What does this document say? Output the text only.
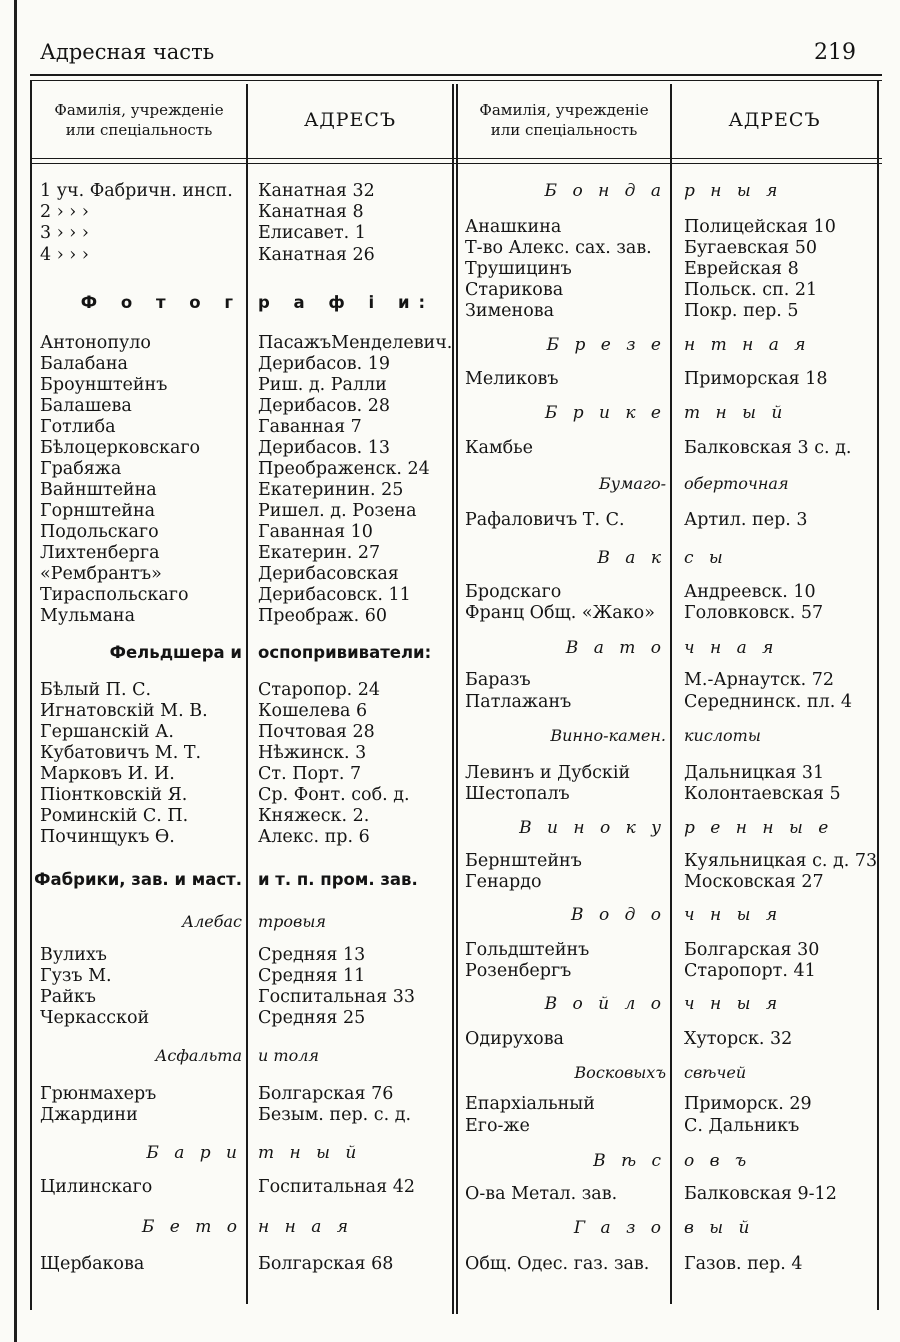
Адресная часть	219
Фамилія, учрежденіе
или спеціальность	АДРЕСЪ	Фамилія, учрежденіе
или спеціальность	АДРЕСЪ
1 уч. Фабричн. инсп. Канатная 32
2 › › ›	Канатная 8
3 › › ›	Елисавет. 1
4 › › ›	Канатная 26
Ф о т о г р а ф і и:
Антонопуло	ПасажъМенделевич.
Балабана	Дерибасов. 19
Броунштейнъ	Риш. д. Ралли
Балашева	Дерибасов. 28
Готлиба	Гаванная 7
Бѣлоцерковскаго	Дерибасов. 13
Грабяжа	Преображенск. 24
Вайнштейна	Екатеринин. 25
Горнштейна	Ришел. д. Розена
Подольскаго	Гаванная 10
Лихтенберга	Екатерин. 27
«Рембрантъ»	Дерибасовская
Тираспольскаго	Дерибасовск. 11
Мульмана	Преображ. 60
Фельдшера и оспопрививатели:
Бѣлый П. С.	Старопор. 24
Игнатовскій М. В.	Кошелева 6
Гершанскій А.	Почтовая 28
Кубатовичъ М. Т.	Нѣжинск. 3
Марковъ И. И.	Ст. Порт. 7
Піонтковскій Я.	Ср. Фонт. соб. д.
Роминскій С. П.	Княжеск. 2.
Починщукъ Ѳ.	Алекс. пр. 6
Фабрики, зав. и маст. и т. п. пром. зав.
Алебас тровыя
Вулихъ	Средняя 13
Гузъ М.	Средняя 11
Райкъ	Госпитальная 33
Черкасской	Средняя 25
Асфальта и толя
Грюнмахеръ	Болгарская 76
Джардини	Безым. пер. с. д.
Б а р и т н ы й
Цилинскаго	Госпитальная 42
Б е т о н н а я
Щербакова	Болгарская 68
Б о н д а р н ы я
Анашкина	Полицейская 10
Т-во Алекс. сах. зав. Бугаевская 50
Трушицинъ	Еврейская 8
Старикова	Польск. сп. 21
Зименова	Покр. пер. 5
Б р е з е н т н а я
Меликовъ	Приморская 18
Б р и к е т н ы й
Камбье	Балковская 3 с. д.
Бумаго- оберточная
Рафаловичъ Т. С.	Артил. пер. 3
В а к с ы
Бродскаго	Андреевск. 10
Франц Общ. «Жако» Головковск. 57
В а т о ч н а я
Баразъ	М.-Арнаутск. 72
Патлажанъ	Середнинск. пл. 4
Винно-камен. кислоты
Левинъ и Дубскій	Дальницкая 31
Шестопалъ	Колонтаевская 5
В и н о к у р е н н ы е
Бернштейнъ	Куяльницкая с. д. 73
Генардо	Московская 27
В о д о ч н ы я
Гольдштейнъ	Болгарская 30
Розенбергъ	Старопорт. 41
В о й л о ч н ы я
Одирухова	Хуторск. 32
Восковыхъ свѣчей
Епархіальный	Приморск. 29
Его-же	С. Дальникъ
В ѣ с о в ъ
О-ва Метал. зав.	Балковская 9-12
Г а з о в ы й
Общ. Одес. газ. зав. Газов. пер. 4
